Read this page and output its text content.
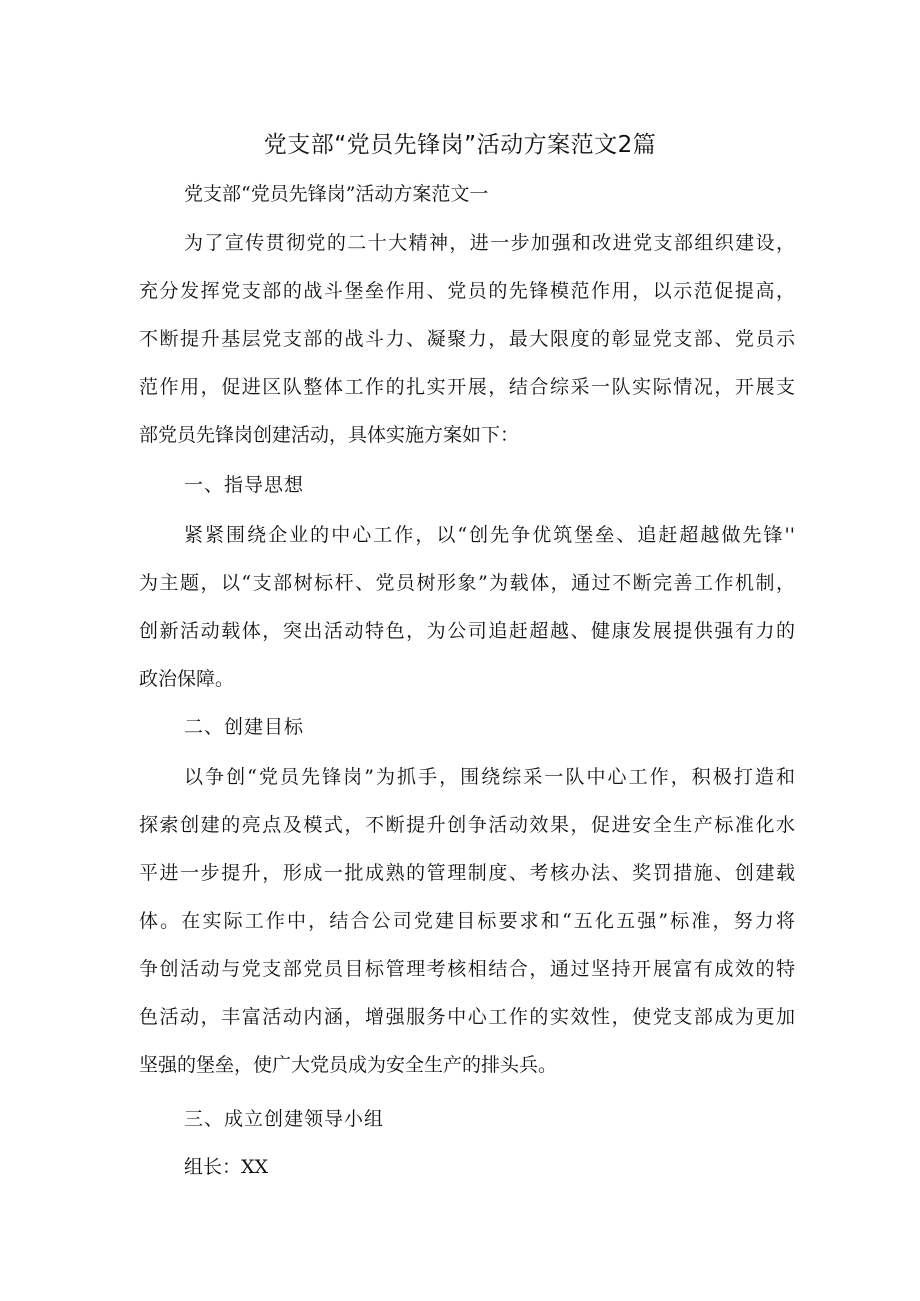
党支部“党员先锋岗”活动方案范文2篇

党支部“党员先锋岗”活动方案范文一

为了宣传贯彻党的二十大精神，进一步加强和改进党支部组织建设，

充分发挥党支部的战斗堡垒作用、党员的先锋模范作用，以示范促提高，

不断提升基层党支部的战斗力、凝聚力，最大限度的彰显党支部、党员示

范作用，促进区队整体工作的扎实开展，结合综采一队实际情况，开展支

部党员先锋岗创建活动，具体实施方案如下：

一、指导思想

紧紧围绕企业的中心工作，以“创先争优筑堡垒、追赶超越做先锋''

为主题，以“支部树标杆、党员树形象”为载体，通过不断完善工作机制，

创新活动载体，突出活动特色，为公司追赶超越、健康发展提供强有力的

政治保障。

二、创建目标

以争创“党员先锋岗”为抓手，围绕综采一队中心工作，积极打造和

探索创建的亮点及模式，不断提升创争活动效果，促进安全生产标准化水

平进一步提升，形成一批成熟的管理制度、考核办法、奖罚措施、创建载

体。在实际工作中，结合公司党建目标要求和“五化五强”标准，努力将

争创活动与党支部党员目标管理考核相结合，通过坚持开展富有成效的特

色活动，丰富活动内涵，增强服务中心工作的实效性，使党支部成为更加

坚强的堡垒，使广大党员成为安全生产的排头兵。

三、成立创建领导小组

组长：XX
